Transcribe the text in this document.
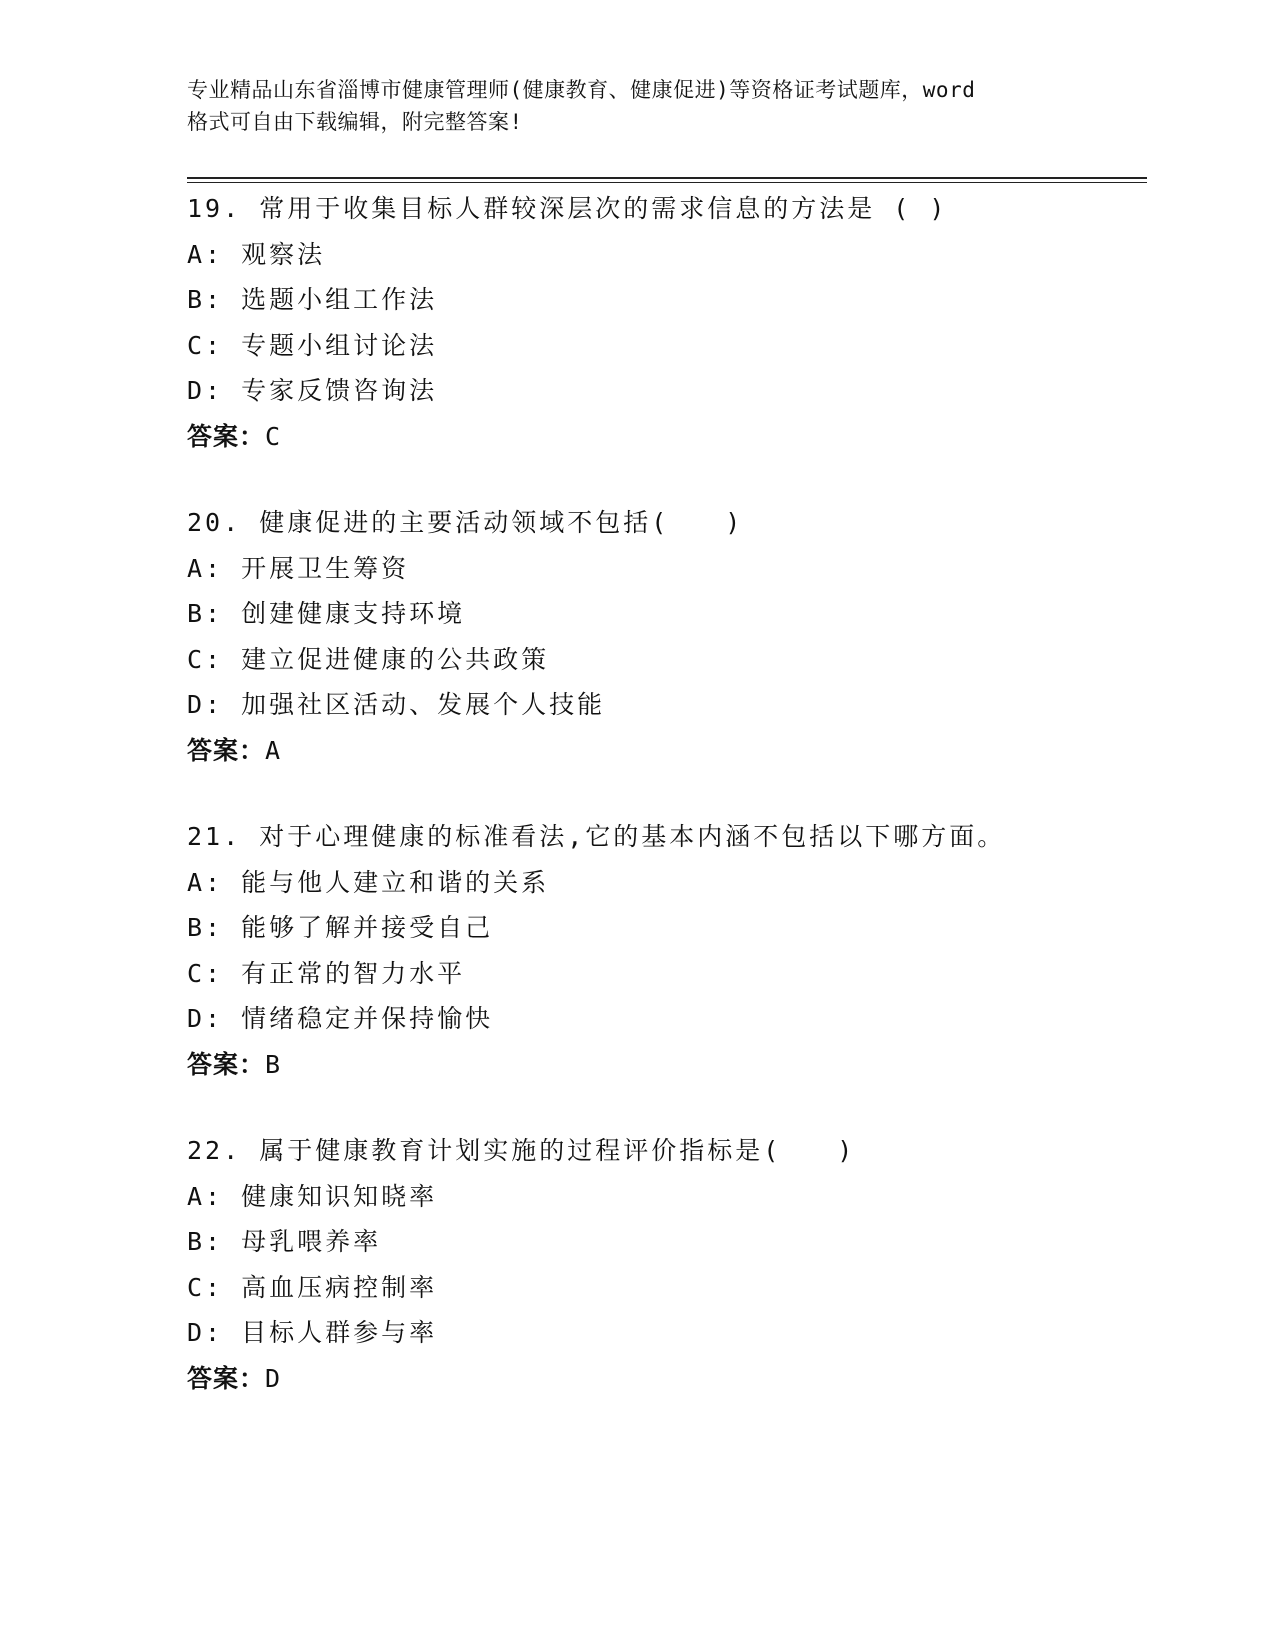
专业精品山东省淄博市健康管理师(健康教育、健康促进)等资格证考试题库，word
格式可自由下载编辑，附完整答案!
19. 常用于收集目标人群较深层次的需求信息的方法是 ( )
A: 观察法
B: 选题小组工作法
C: 专题小组讨论法
D: 专家反馈咨询法
答案：C
20. 健康促进的主要活动领域不包括(　　)
A: 开展卫生筹资
B: 创建健康支持环境
C: 建立促进健康的公共政策
D: 加强社区活动、发展个人技能
答案：A
21. 对于心理健康的标准看法,它的基本内涵不包括以下哪方面。
A: 能与他人建立和谐的关系
B: 能够了解并接受自己
C: 有正常的智力水平
D: 情绪稳定并保持愉快
答案：B
22. 属于健康教育计划实施的过程评价指标是(　　)
A: 健康知识知晓率
B: 母乳喂养率
C: 高血压病控制率
D: 目标人群参与率
答案：D
